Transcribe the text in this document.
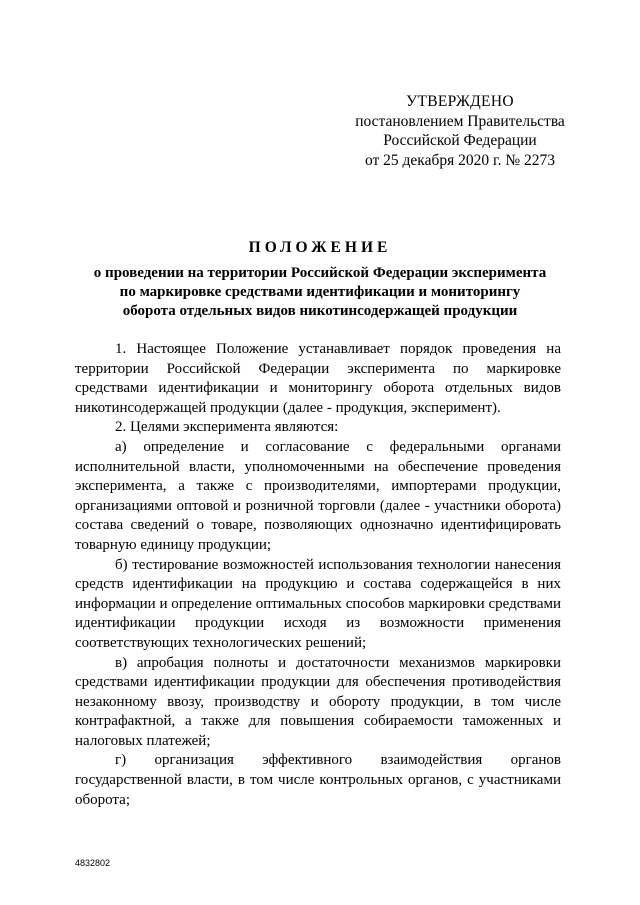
УТВЕРЖДЕНО
постановлением Правительства
Российской Федерации
от 25 декабря 2020 г. № 2273
ПОЛОЖЕНИЕ
о проведении на территории Российской Федерации эксперимента
по маркировке средствами идентификации и мониторингу
оборота отдельных видов никотинсодержащей продукции

1. Настоящее Положение устанавливает порядок проведения на территории Российской Федерации эксперимента по маркировке средствами идентификации и мониторингу оборота отдельных видов никотинсодержащей продукции (далее - продукция, эксперимент).

2. Целями эксперимента являются:

а) определение и согласование с федеральными органами исполнительной власти, уполномоченными на обеспечение проведения эксперимента, а также с производителями, импортерами продукции, организациями оптовой и розничной торговли (далее - участники оборота) состава сведений о товаре, позволяющих однозначно идентифицировать товарную единицу продукции;

б) тестирование возможностей использования технологии нанесения средств идентификации на продукцию и состава содержащейся в них информации и определение оптимальных способов маркировки средствами идентификации продукции исходя из возможности применения соответствующих технологических решений;

в) апробация полноты и достаточности механизмов маркировки средствами идентификации продукции для обеспечения противодействия незаконному ввозу, производству и обороту продукции, в том числе контрафактной, а также для повышения собираемости таможенных и налоговых платежей;

г) организация эффективного взаимодействия органов государственной власти, в том числе контрольных органов, с участниками оборота;

4832802
